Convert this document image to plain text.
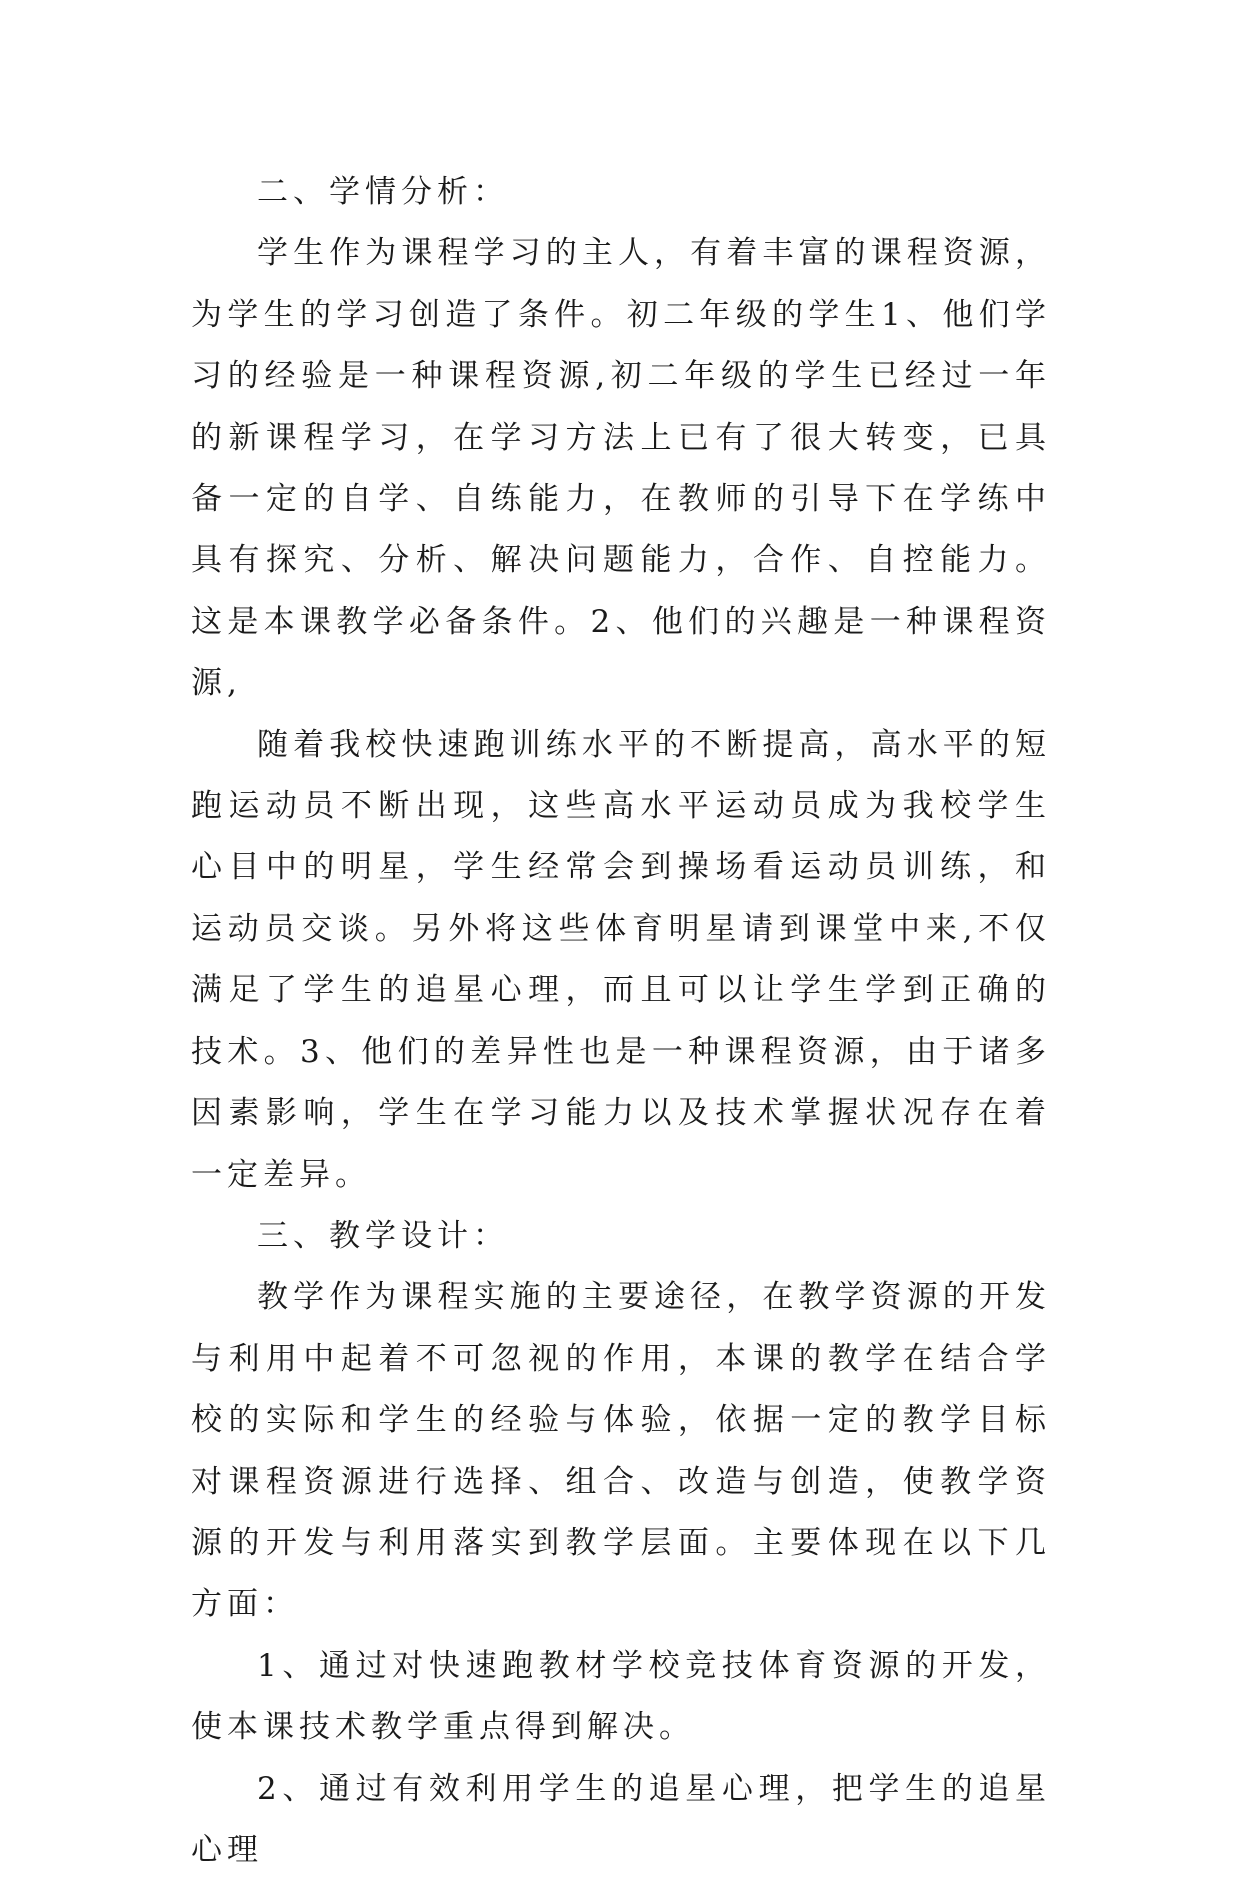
二、学情分析：

学生作为课程学习的主人，有着丰富的课程资源，为学生的学习创造了条件。初二年级的学生1、他们学习的经验是一种课程资源,初二年级的学生已经过一年的新课程学习，在学习方法上已有了很大转变，已具备一定的自学、自练能力，在教师的引导下在学练中具有探究、分析、解决问题能力，合作、自控能力。这是本课教学必备条件。2、他们的兴趣是一种课程资源,

随着我校快速跑训练水平的不断提高，高水平的短跑运动员不断出现，这些高水平运动员成为我校学生心目中的明星，学生经常会到操场看运动员训练，和运动员交谈。另外将这些体育明星请到课堂中来,不仅满足了学生的追星心理，而且可以让学生学到正确的技术。3、他们的差异性也是一种课程资源，由于诸多因素影响，学生在学习能力以及技术掌握状况存在着一定差异。

三、教学设计：

教学作为课程实施的主要途径，在教学资源的开发与利用中起着不可忽视的作用，本课的教学在结合学校的实际和学生的经验与体验，依据一定的教学目标对课程资源进行选择、组合、改造与创造，使教学资源的开发与利用落实到教学层面。主要体现在以下几方面：

1、通过对快速跑教材学校竞技体育资源的开发，使本课技术教学重点得到解决。

2、通过有效利用学生的追星心理，把学生的追星心理
